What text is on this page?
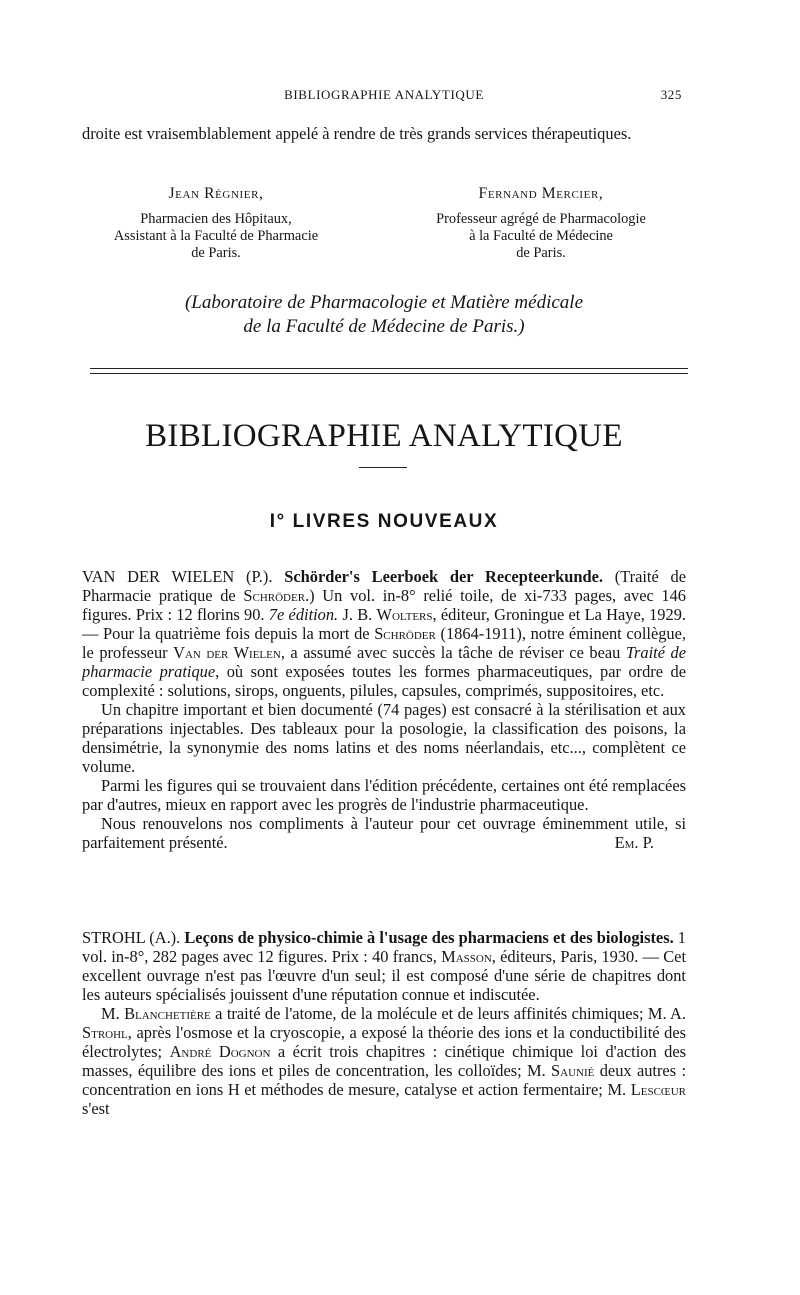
BIBLIOGRAPHIE ANALYTIQUE	325

droite est vraisemblablement appelé à rendre de très grands services thérapeutiques.

Jean Régnier,
Pharmacien des Hôpitaux,
Assistant à la Faculté de Pharmacie
de Paris.
Fernand Mercier,
Professeur agrégé de Pharmacologie
à la Faculté de Médecine
de Paris.
(Laboratoire de Pharmacologie et Matière médicale
de la Faculté de Médecine de Paris.)
BIBLIOGRAPHIE ANALYTIQUE
I° LIVRES NOUVEAUX

VAN DER WIELEN (P.). Schörder's Leerboek der Recepteerkunde. (Traité de Pharmacie pratique de Schröder.) Un vol. in-8° relié toile, de xi-733 pages, avec 146 figures. Prix : 12 florins 90. 7e édition. J. B. Wolters, éditeur, Groningue et La Haye, 1929. — Pour la quatrième fois depuis la mort de Schröder (1864-1911), notre éminent collègue, le professeur Van der Wielen, a assumé avec succès la tâche de réviser ce beau Traité de pharmacie pratique, où sont exposées toutes les formes pharmaceutiques, par ordre de complexité : solutions, sirops, onguents, pilules, capsules, comprimés, suppositoires, etc.

Un chapitre important et bien documenté (74 pages) est consacré à la stérilisation et aux préparations injectables. Des tableaux pour la posologie, la classification des poisons, la densimétrie, la synonymie des noms latins et des noms néerlandais, etc..., complètent ce volume.

Parmi les figures qui se trouvaient dans l'édition précédente, certaines ont été remplacées par d'autres, mieux en rapport avec les progrès de l'industrie pharmaceutique.

Nous renouvelons nos compliments à l'auteur pour cet ouvrage éminemment utile, si parfaitement présenté.	Em. P.

STROHL (A.). Leçons de physico-chimie à l'usage des pharmaciens et des biologistes. 1 vol. in-8°, 282 pages avec 12 figures. Prix : 40 francs, Masson, éditeurs, Paris, 1930. — Cet excellent ouvrage n'est pas l'œuvre d'un seul; il est composé d'une série de chapitres dont les auteurs spécialisés jouissent d'une réputation connue et indiscutée.

M. Blanchetière a traité de l'atome, de la molécule et de leurs affinités chimiques; M. A. Strohl, après l'osmose et la cryoscopie, a exposé la théorie des ions et la conductibilité des électrolytes; André Dognon a écrit trois chapitres : cinétique chimique loi d'action des masses, équilibre des ions et piles de concentration, les colloïdes; M. Saunié deux autres : concentration en ions H et méthodes de mesure, catalyse et action fermentaire; M. Lescœur s'est
